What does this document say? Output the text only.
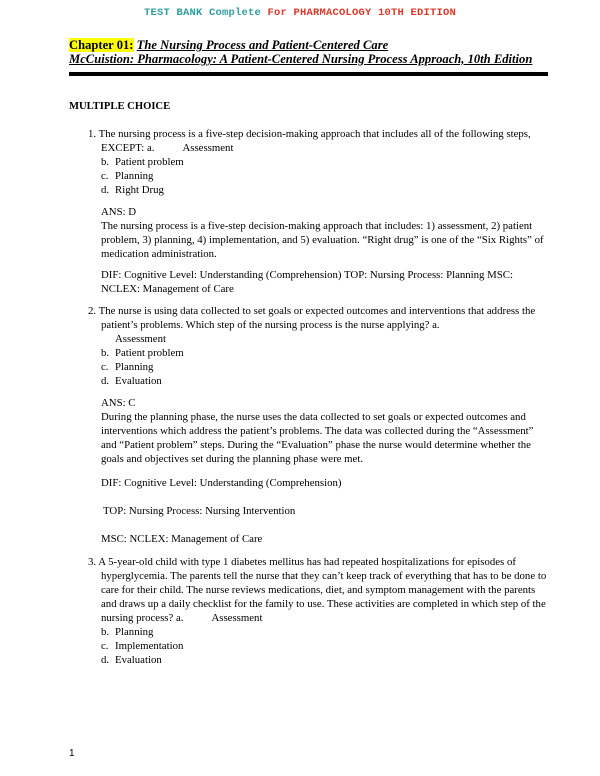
TEST BANK Complete For PHARMACOLOGY 10TH EDITION
Chapter 01: The Nursing Process and Patient-Centered Care
McCuistion: Pharmacology: A Patient-Centered Nursing Process Approach, 10th Edition
MULTIPLE CHOICE
1. The nursing process is a five-step decision-making approach that includes all of the following steps, EXCEPT: a.	Assessment
b. Patient problem
c. Planning
d. Right Drug
ANS: D
The nursing process is a five-step decision-making approach that includes: 1) assessment, 2) patient problem, 3) planning, 4) implementation, and 5) evaluation. “Right drug” is one of the “Six Rights” of medication administration.
DIF: Cognitive Level: Understanding (Comprehension) TOP: Nursing Process: Planning MSC: NCLEX: Management of Care
2. The nurse is using data collected to set goals or expected outcomes and interventions that address the patient’s problems. Which step of the nursing process is the nurse applying? a.
Assessment
b. Patient problem
c. Planning
d. Evaluation
ANS: C
During the planning phase, the nurse uses the data collected to set goals or expected outcomes and interventions which address the patient’s problems. The data was collected during the “Assessment” and “Patient problem” steps. During the “Evaluation” phase the nurse would determine whether the goals and objectives set during the planning phase were met.
DIF: Cognitive Level: Understanding (Comprehension)
TOP: Nursing Process: Nursing Intervention
MSC: NCLEX: Management of Care
3. A 5-year-old child with type 1 diabetes mellitus has had repeated hospitalizations for episodes of hyperglycemia. The parents tell the nurse that they can’t keep track of everything that has to be done to care for their child. The nurse reviews medications, diet, and symptom management with the parents and draws up a daily checklist for the family to use. These activities are completed in which step of the nursing process? a.	Assessment
b. Planning
c. Implementation
d. Evaluation
1
